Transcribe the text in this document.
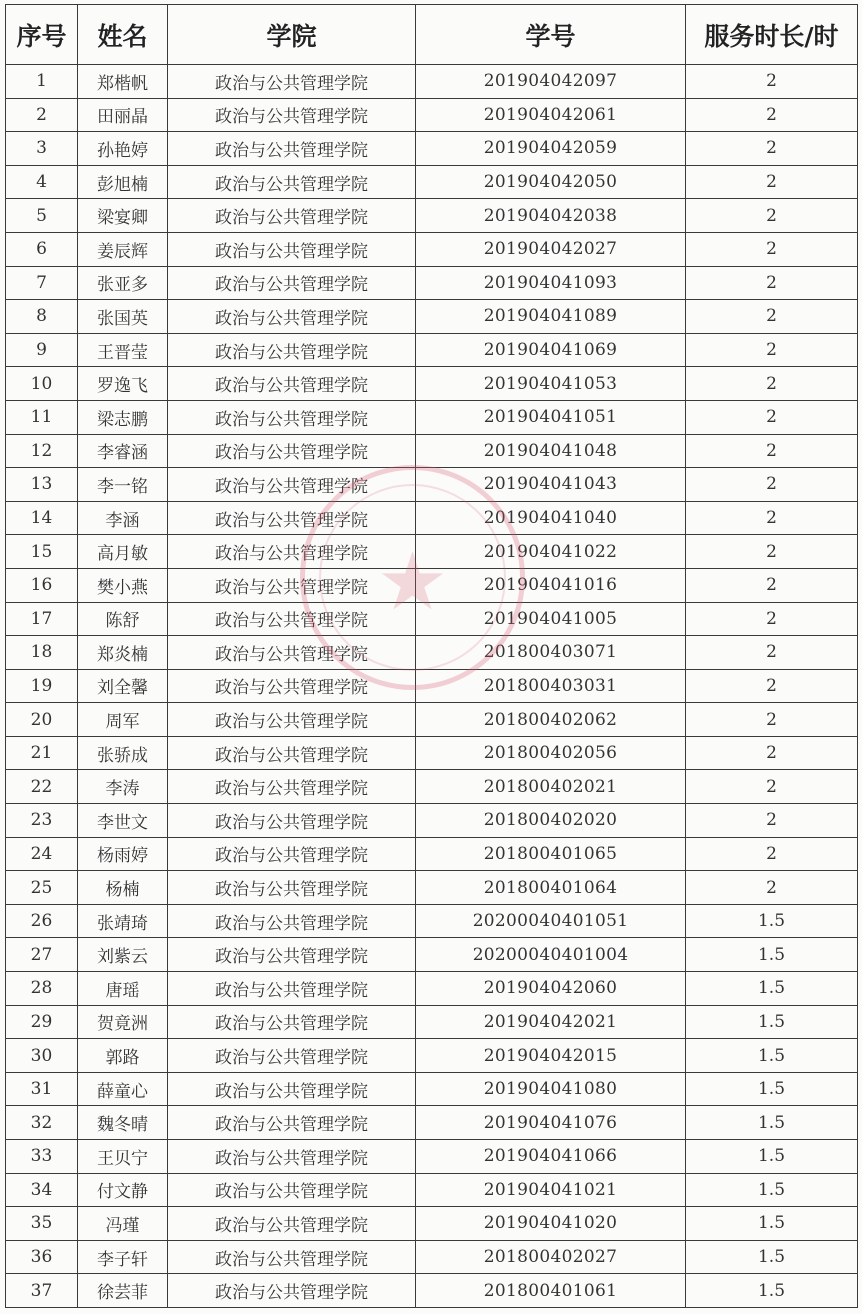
序号	姓名	学院	学号	服务时长/时
1	郑楷帆	政治与公共管理学院	201904042097	2
2	田丽晶	政治与公共管理学院	201904042061	2
3	孙艳婷	政治与公共管理学院	201904042059	2
4	彭旭楠	政治与公共管理学院	201904042050	2
5	梁宴卿	政治与公共管理学院	201904042038	2
6	姜辰辉	政治与公共管理学院	201904042027	2
7	张亚多	政治与公共管理学院	201904041093	2
8	张国英	政治与公共管理学院	201904041089	2
9	王晋莹	政治与公共管理学院	201904041069	2
10	罗逸飞	政治与公共管理学院	201904041053	2
11	梁志鹏	政治与公共管理学院	201904041051	2
12	李睿涵	政治与公共管理学院	201904041048	2
13	李一铭	政治与公共管理学院	201904041043	2
14	李涵	政治与公共管理学院	201904041040	2
15	高月敏	政治与公共管理学院	201904041022	2
16	樊小燕	政治与公共管理学院	201904041016	2
17	陈舒	政治与公共管理学院	201904041005	2
18	郑炎楠	政治与公共管理学院	201800403071	2
19	刘全馨	政治与公共管理学院	201800403031	2
20	周军	政治与公共管理学院	201800402062	2
21	张骄成	政治与公共管理学院	201800402056	2
22	李涛	政治与公共管理学院	201800402021	2
23	李世文	政治与公共管理学院	201800402020	2
24	杨雨婷	政治与公共管理学院	201800401065	2
25	杨楠	政治与公共管理学院	201800401064	2
26	张靖琦	政治与公共管理学院	20200040401051	1.5
27	刘紫云	政治与公共管理学院	20200040401004	1.5
28	唐瑶	政治与公共管理学院	201904042060	1.5
29	贺竟洲	政治与公共管理学院	201904042021	1.5
30	郭路	政治与公共管理学院	201904042015	1.5
31	薛童心	政治与公共管理学院	201904041080	1.5
32	魏冬晴	政治与公共管理学院	201904041076	1.5
33	王贝宁	政治与公共管理学院	201904041066	1.5
34	付文静	政治与公共管理学院	201904041021	1.5
35	冯瑾	政治与公共管理学院	201904041020	1.5
36	李子轩	政治与公共管理学院	201800402027	1.5
37	徐芸菲	政治与公共管理学院	201800401061	1.5
★
